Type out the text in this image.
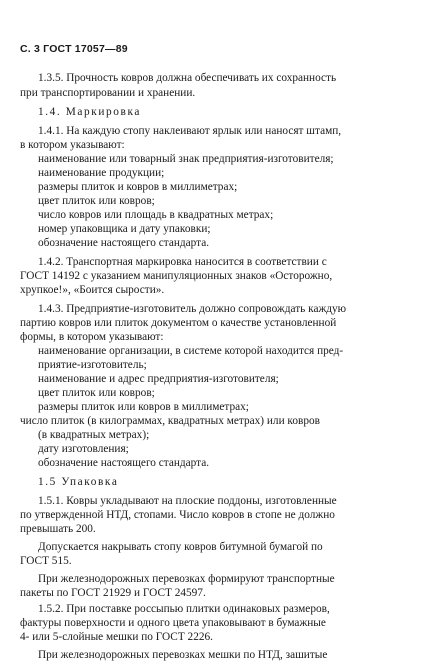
С. 3 ГОСТ 17057—89
1.3.5. Прочность ковров должна обеспечивать их сохранность
при транспортировании и хранении.
1.4. Маркировка
1.4.1. На каждую стопу наклеивают ярлык или наносят штамп,
в котором указывают:
наименование или товарный знак предприятия-изготовителя;
наименование продукции;
размеры плиток и ковров в миллиметрах;
цвет плиток или ковров;
число ковров или площадь в квадратных метрах;
номер упаковщика и дату упаковки;
обозначение настоящего стандарта.
1.4.2. Транспортная маркировка наносится в соответствии с
ГОСТ 14192 с указанием манипуляционных знаков «Осторожно,
хрупкое!», «Боится сырости».
1.4.3. Предприятие-изготовитель должно сопровождать каждую
партию ковров или плиток документом о качестве установленной
формы, в котором указывают:
наименование организации, в системе которой находится пред-
приятие-изготовитель;
наименование и адрес предприятия-изготовителя;
цвет плиток или ковров;
размеры плиток или ковров в миллиметрах;
число плиток (в килограммах, квадратных метрах) или ковров
(в квадратных метрах);
дату изготовления;
обозначение настоящего стандарта.
1.5 Упаковка
1.5.1. Ковры укладывают на плоские поддоны, изготовленные
по утвержденной НТД, стопами. Число ковров в стопе не должно
превышать 200.
Допускается накрывать стопу ковров битумной бумагой по
ГОСТ 515.
При железнодорожных перевозках формируют транспортные
пакеты по ГОСТ 21929 и ГОСТ 24597.
1.5.2. При поставке россыпью плитки одинаковых размеров,
фактуры поверхности и одного цвета упаковывают в бумажные
4- или 5-слойные мешки по ГОСТ 2226.
При железнодорожных перевозках мешки по НТД, зашитые
